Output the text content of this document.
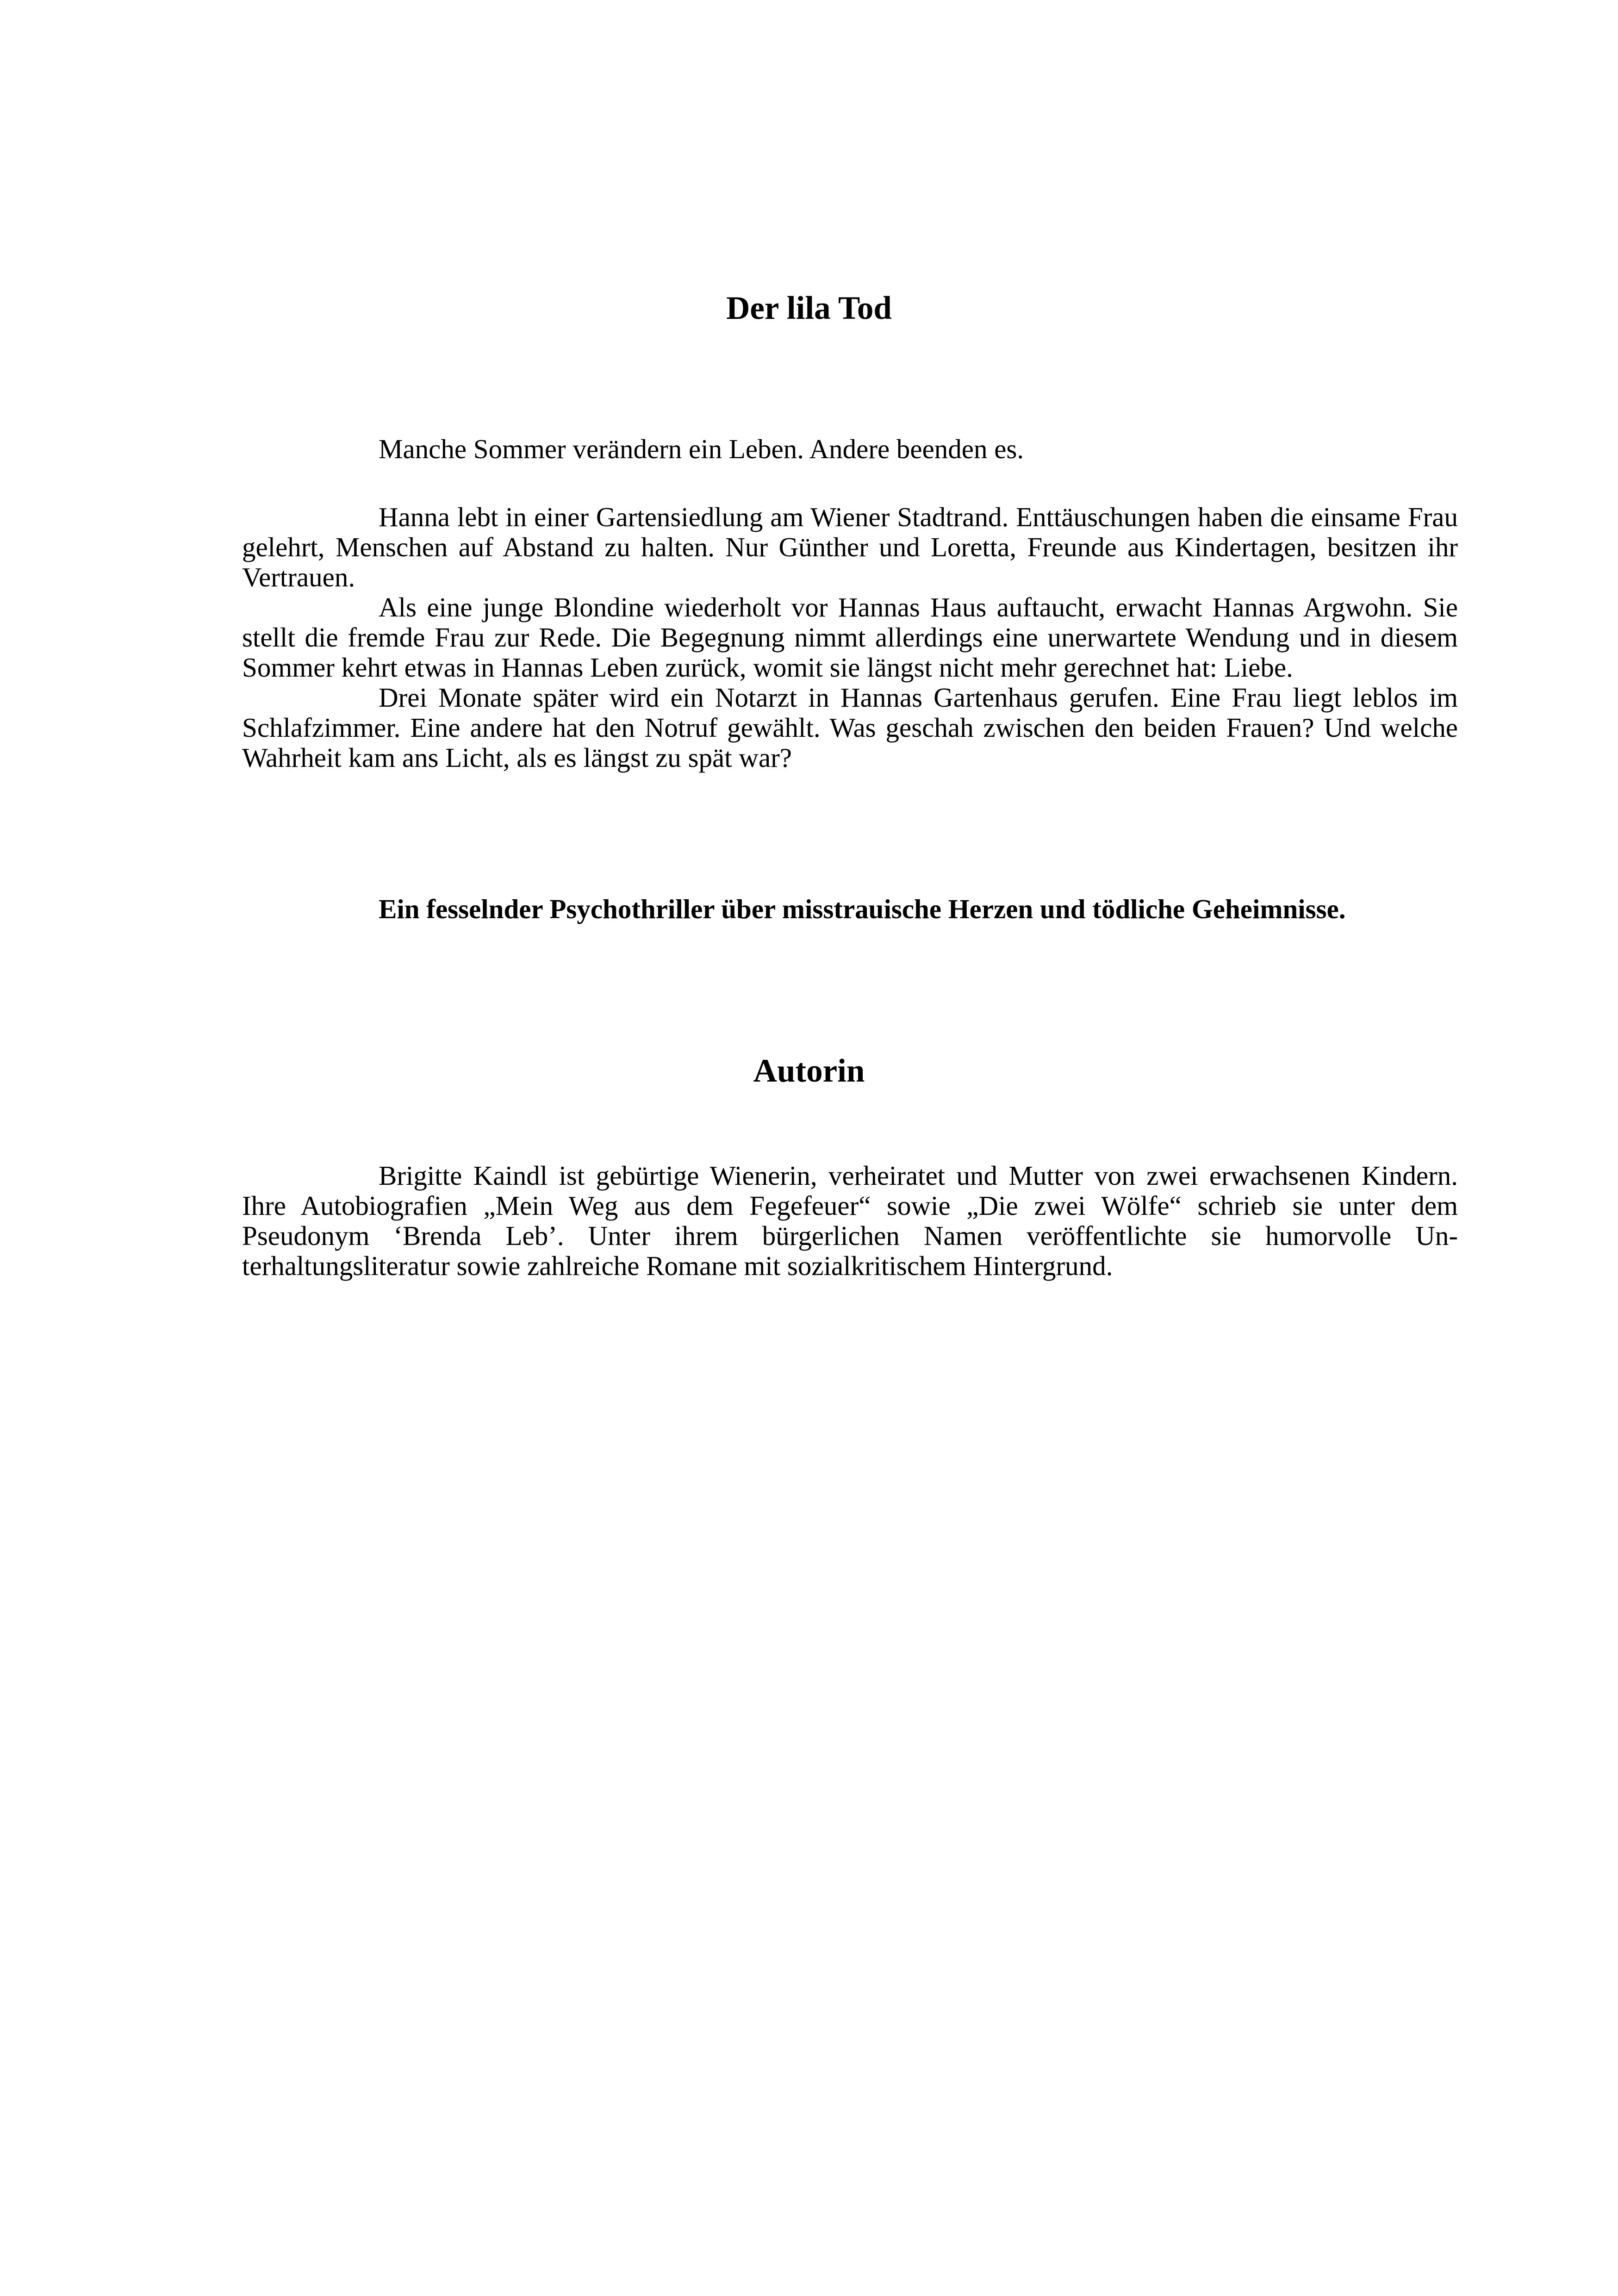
Der lila Tod

Manche Sommer verändern ein Leben. Andere beenden es.

Hanna lebt in einer Gartensiedlung am Wiener Stadtrand. Enttäuschungen haben die einsame Frau gelehrt, Menschen auf Abstand zu halten. Nur Günther und Loretta, Freunde aus Kindertagen, besitzen ihr Vertrauen.

Als eine junge Blondine wiederholt vor Hannas Haus auftaucht, erwacht Hannas Argwohn. Sie stellt die fremde Frau zur Rede. Die Begegnung nimmt allerdings eine unerwartete Wendung und in diesem Sommer kehrt etwas in Hannas Leben zurück, womit sie längst nicht mehr gerechnet hat: Liebe.

Drei Monate später wird ein Notarzt in Hannas Gartenhaus gerufen. Eine Frau liegt leblos im Schlafzimmer. Eine andere hat den Notruf gewählt. Was geschah zwischen den beiden Frauen? Und welche Wahrheit kam ans Licht, als es längst zu spät war?

Ein fesselnder Psychothriller über misstrauische Herzen und tödliche Geheimnisse.

Autorin

Brigitte Kaindl ist gebürtige Wienerin, verheiratet und Mutter von zwei erwachsenen Kindern. Ihre Autobiografien „Mein Weg aus dem Fegefeuer“ sowie „Die zwei Wölfe“ schrieb sie unter dem Pseudonym ‘Brenda Leb’. Unter ihrem bürgerlichen Namen veröffentlichte sie humorvolle Unterhaltungsliteratur sowie zahlreiche Romane mit sozialkritischem Hintergrund.
